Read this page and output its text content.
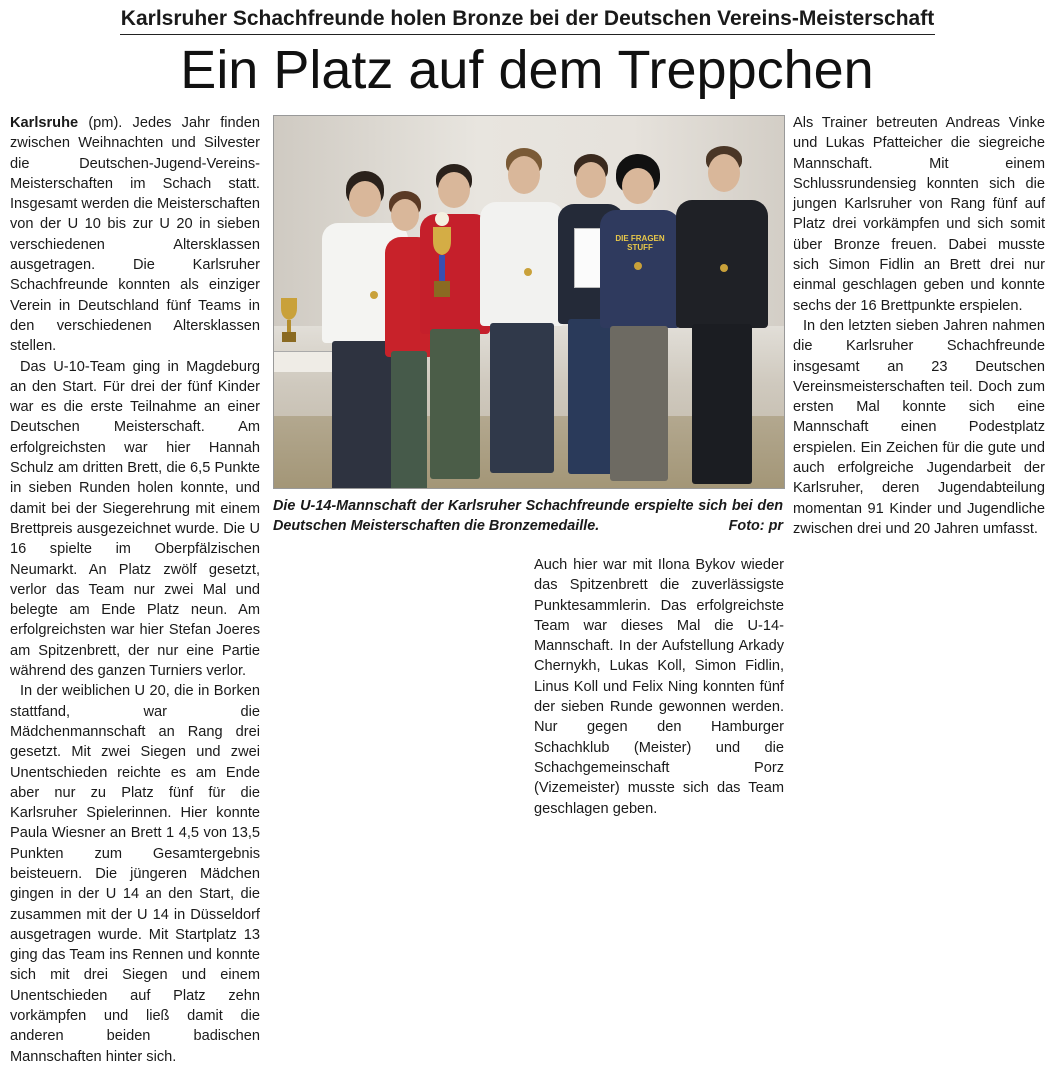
Karlsruher Schachfreunde holen Bronze bei der Deutschen Vereins-Meisterschaft
Ein Platz auf dem Treppchen

Karlsruhe (pm). Jedes Jahr finden zwischen Weihnachten und Silvester die Deutschen-Jugend-Vereins-Meisterschaften im Schach statt. Insgesamt werden die Meisterschaften von der U 10 bis zur U 20 in sieben verschiedenen Altersklassen ausgetragen. Die Karlsruher Schachfreunde konnten als einziger Verein in Deutschland fünf Teams in den verschiedenen Altersklassen stellen.

Das U-10-Team ging in Magdeburg an den Start. Für drei der fünf Kinder war es die erste Teilnahme an einer Deutschen Meisterschaft. Am erfolgreichsten war hier Hannah Schulz am dritten Brett, die 6,5 Punkte in sieben Runden holen konnte, und damit bei der Siegerehrung mit einem Brettpreis ausgezeichnet wurde. Die U 16 spielte im Oberpfälzischen Neumarkt. An Platz zwölf gesetzt, verlor das Team nur zwei Mal und belegte am Ende Platz neun. Am erfolgreichsten war hier Stefan Joeres am Spitzenbrett, der nur eine Partie während des ganzen Turniers verlor.

In der weiblichen U 20, die in Borken stattfand, war die Mädchenmannschaft an Rang drei gesetzt. Mit zwei Siegen und zwei Unentschieden reichte es am Ende aber nur zu Platz fünf für die Karlsruher Spielerinnen. Hier konnte Paula Wiesner an Brett 1 4,5 von 13,5 Punkten zum Gesamtergebnis beisteuern. Die jüngeren Mädchen gingen in der U 14 an den Start, die zusammen mit der U 14 in Düsseldorf ausgetragen wurde. Mit Startplatz 13 ging das Team ins Rennen und konnte sich mit drei Siegen und einem Unentschieden auf Platz zehn vorkämpfen und ließ damit die anderen beiden badischen Mannschaften hinter sich.

DIE FRAGEN STUFF
Die U-14-Mannschaft der Karlsruher Schachfreunde erspielte sich bei den Deutschen Meisterschaften die Bronzemedaille.	Foto: pr

Auch hier war mit Ilona Bykov wieder das Spitzenbrett die zuverlässigste Punktesammlerin. Das erfolgreichste Team war dieses Mal die U-14-Mannschaft. In der Aufstellung Arkady Chernykh, Lukas Koll, Simon Fidlin, Linus Koll und Felix Ning konnten fünf der sieben Runde gewonnen werden. Nur gegen den Hamburger Schachklub (Meister) und die Schachgemeinschaft Porz (Vizemeister) musste sich das Team geschlagen geben.

Als Trainer betreuten Andreas Vinke und Lukas Pfatteicher die siegreiche Mannschaft. Mit einem Schlussrundensieg konnten sich die jungen Karlsruher von Rang fünf auf Platz drei vorkämpfen und sich somit über Bronze freuen. Dabei musste sich Simon Fidlin an Brett drei nur einmal geschlagen geben und konnte sechs der 16 Brettpunkte erspielen.

In den letzten sieben Jahren nahmen die Karlsruher Schachfreunde insgesamt an 23 Deutschen Vereinsmeisterschaften teil. Doch zum ersten Mal konnte sich eine Mannschaft einen Podestplatz erspielen. Ein Zeichen für die gute und auch erfolgreiche Jugendarbeit der Karlsruher, deren Jugendabteilung momentan 91 Kinder und Jugendliche zwischen drei und 20 Jahren umfasst.
